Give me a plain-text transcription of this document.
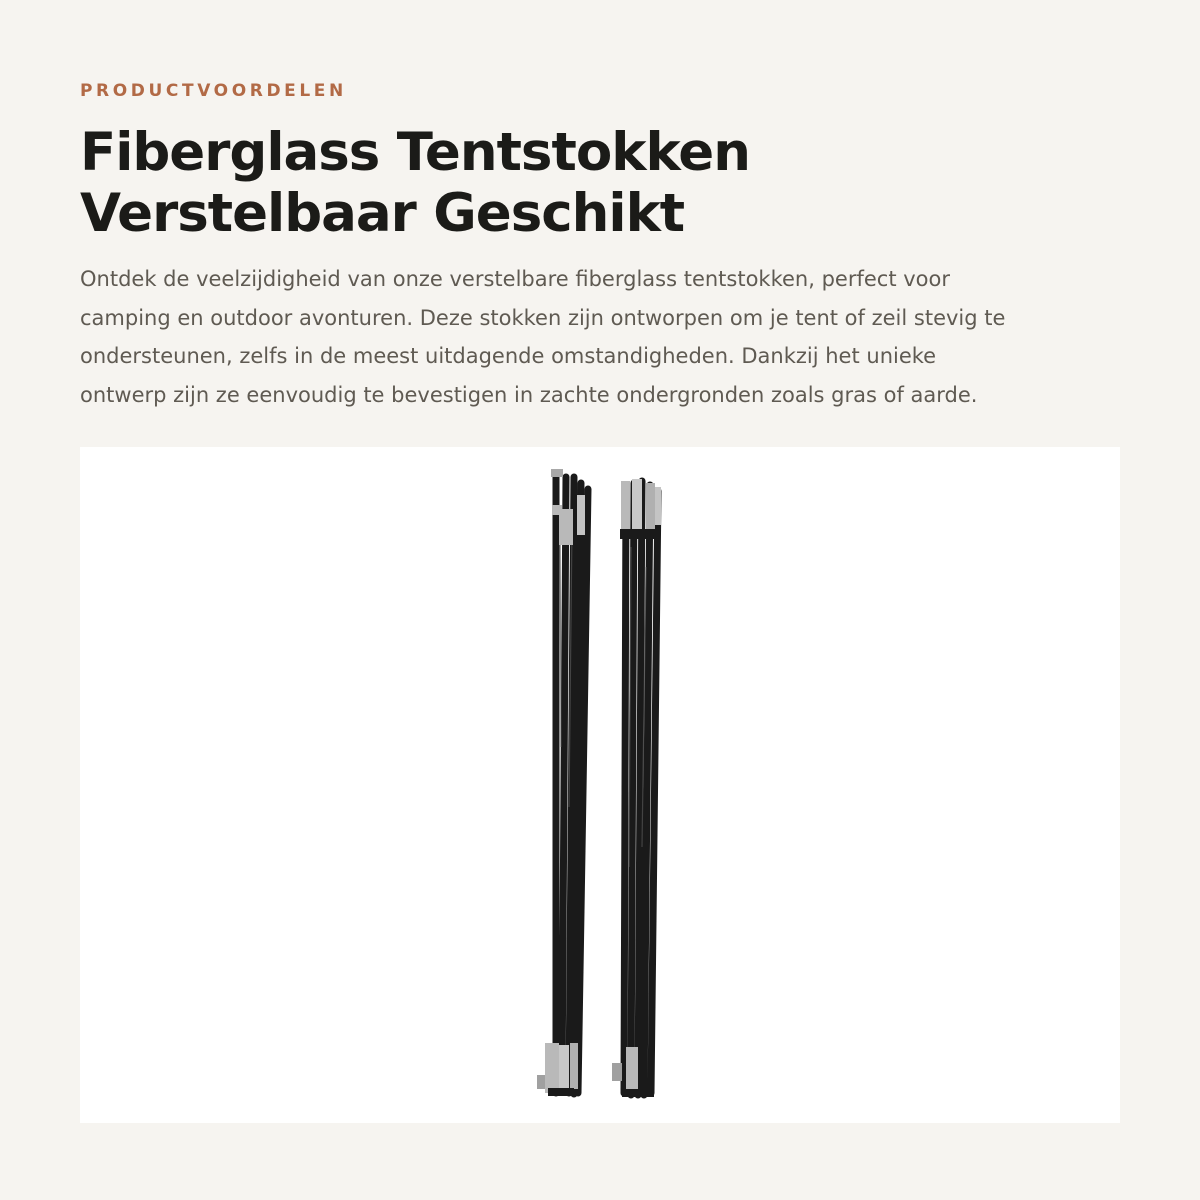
PRODUCTVOORDELEN

Fiberglass Tentstokken
Verstelbaar Geschikt

Ontdek de veelzijdigheid van onze verstelbare fiberglass tentstokken, perfect voor
camping en outdoor avonturen. Deze stokken zijn ontworpen om je tent of zeil stevig te
ondersteunen, zelfs in de meest uitdagende omstandigheden. Dankzij het unieke
ontwerp zijn ze eenvoudig te bevestigen in zachte ondergronden zoals gras of aarde.
